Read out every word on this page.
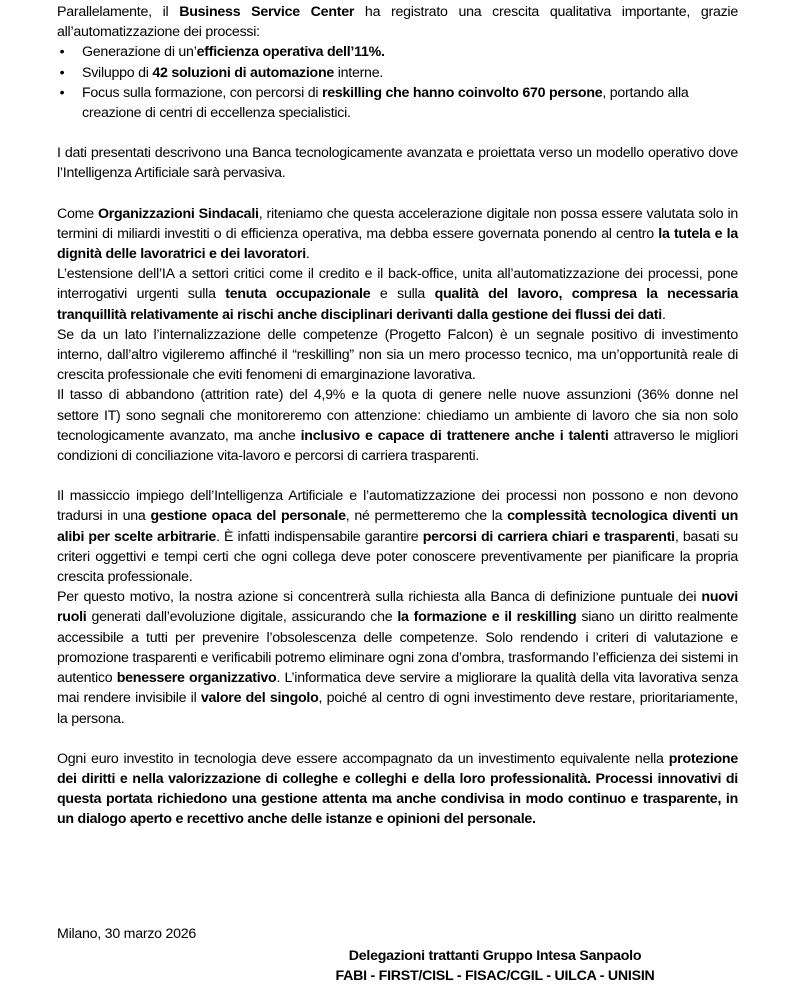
Parallelamente, il Business Service Center ha registrato una crescita qualitativa importante, grazie all’automatizzazione dei processi:

• Generazione di un’efficienza operativa dell’11%.
• Sviluppo di 42 soluzioni di automazione interne.
• Focus sulla formazione, con percorsi di reskilling che hanno coinvolto 670 persone, portando alla creazione di centri di eccellenza specialistici.

I dati presentati descrivono una Banca tecnologicamente avanzata e proiettata verso un modello operativo dove l’Intelligenza Artificiale sarà pervasiva.

Come Organizzazioni Sindacali, riteniamo che questa accelerazione digitale non possa essere valutata solo in termini di miliardi investiti o di efficienza operativa, ma debba essere governata ponendo al centro la tutela e la dignità delle lavoratrici e dei lavoratori.

L’estensione dell’IA a settori critici come il credito e il back-office, unita all’automatizzazione dei processi, pone interrogativi urgenti sulla tenuta occupazionale e sulla qualità del lavoro, compresa la necessaria tranquillità relativamente ai rischi anche disciplinari derivanti dalla gestione dei flussi dei dati.

Se da un lato l’internalizzazione delle competenze (Progetto Falcon) è un segnale positivo di investimento interno, dall’altro vigileremo affinché il “reskilling” non sia un mero processo tecnico, ma un’opportunità reale di crescita professionale che eviti fenomeni di emarginazione lavorativa.

Il tasso di abbandono (attrition rate) del 4,9% e la quota di genere nelle nuove assunzioni (36% donne nel settore IT) sono segnali che monitoreremo con attenzione: chiediamo un ambiente di lavoro che sia non solo tecnologicamente avanzato, ma anche inclusivo e capace di trattenere anche i talenti attraverso le migliori condizioni di conciliazione vita-lavoro e percorsi di carriera trasparenti.

Il massiccio impiego dell’Intelligenza Artificiale e l’automatizzazione dei processi non possono e non devono tradursi in una gestione opaca del personale, né permetteremo che la complessità tecnologica diventi un alibi per scelte arbitrarie. È infatti indispensabile garantire percorsi di carriera chiari e trasparenti, basati su criteri oggettivi e tempi certi che ogni collega deve poter conoscere preventivamente per pianificare la propria crescita professionale.

Per questo motivo, la nostra azione si concentrerà sulla richiesta alla Banca di definizione puntuale dei nuovi ruoli generati dall’evoluzione digitale, assicurando che la formazione e il reskilling siano un diritto realmente accessibile a tutti per prevenire l’obsolescenza delle competenze. Solo rendendo i criteri di valutazione e promozione trasparenti e verificabili potremo eliminare ogni zona d’ombra, trasformando l’efficienza dei sistemi in autentico benessere organizzativo. L’informatica deve servire a migliorare la qualità della vita lavorativa senza mai rendere invisibile il valore del singolo, poiché al centro di ogni investimento deve restare, prioritariamente, la persona.

Ogni euro investito in tecnologia deve essere accompagnato da un investimento equivalente nella protezione dei diritti e nella valorizzazione di colleghe e colleghi e della loro professionalità. Processi innovativi di questa portata richiedono una gestione attenta ma anche condivisa in modo continuo e trasparente, in un dialogo aperto e recettivo anche delle istanze e opinioni del personale.

Milano, 30 marzo 2026
Delegazioni trattanti Gruppo Intesa Sanpaolo
FABI - FIRST/CISL - FISAC/CGIL - UILCA - UNISIN
